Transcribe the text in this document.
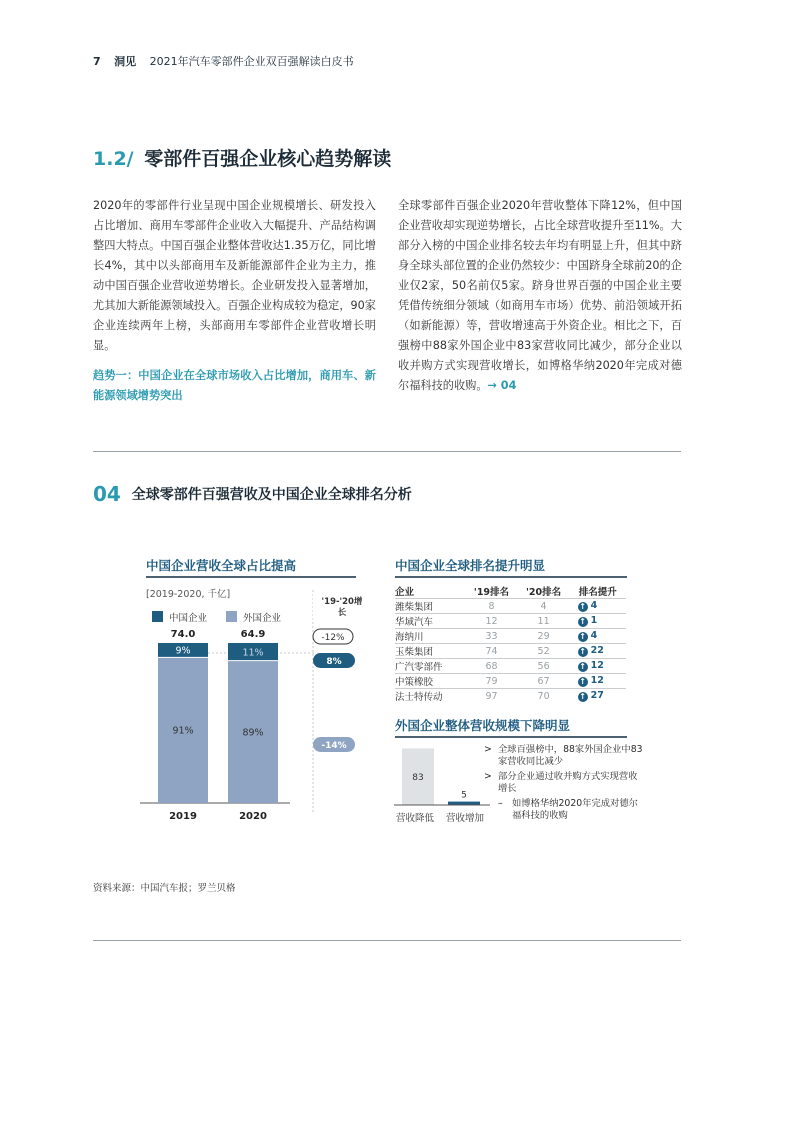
7 洞见 2021年汽车零部件企业双百强解读白皮书
1.2/ 零部件百强企业核心趋势解读

2020年的零部件行业呈现中国企业规模增长、研发投入占比增加、商用车零部件企业收入大幅提升、产品结构调整四大特点。中国百强企业整体营收达1.35万亿，同比增长4%，其中以头部商用车及新能源部件企业为主力，推动中国百强企业营收逆势增长。企业研发投入显著增加，尤其加大新能源领域投入。百强企业构成较为稳定，90家企业连续两年上榜，头部商用车零部件企业营收增长明显。

趋势一：中国企业在全球市场收入占比增加，商用车、新能源领域增势突出

全球零部件百强企业2020年营收整体下降12%，但中国企业营收却实现逆势增长，占比全球营收提升至11%。大部分入榜的中国企业排名较去年均有明显上升，但其中跻身全球头部位置的企业仍然较少：中国跻身全球前20的企业仅2家，50名前仅5家。跻身世界百强的中国企业主要凭借传统细分领域（如商用车市场）优势、前沿领域开拓（如新能源）等，营收增速高于外资企业。相比之下，百强榜中88家外国企业中83家营收同比减少，部分企业以收并购方式实现营收增长，如博格华纳2020年完成对德尔福科技的收购。→ 04

04 全球零部件百强营收及中国企业全球排名分析
中国企业营收全球占比提高
[2019-2020, 千亿]
中国企业	外国企业
9%
91%
74.0
2019
11%
89%
64.9
2020
'19-'20增长
-12%
8%
-14%
中国企业全球排名提升明显
企业	'19排名	'20排名	排名提升
潍柴集团	8	4	↑ 4
华域汽车	12	11	↑ 1
海纳川	33	29	↑ 4
玉柴集团	74	52	↑ 22
广汽零部件	68	56	↑ 12
中策橡胶	79	67	↑ 12
法士特传动	97	70	↑ 27
外国企业整体营收规模下降明显
83
5
营收降低 营收增加
> 全球百强榜中，88家外国企业中83家营收同比减少
> 部分企业通过收并购方式实现营收增长
–	如博格华纳2020年完成对德尔福科技的收购
资料来源：中国汽车报；罗兰贝格
